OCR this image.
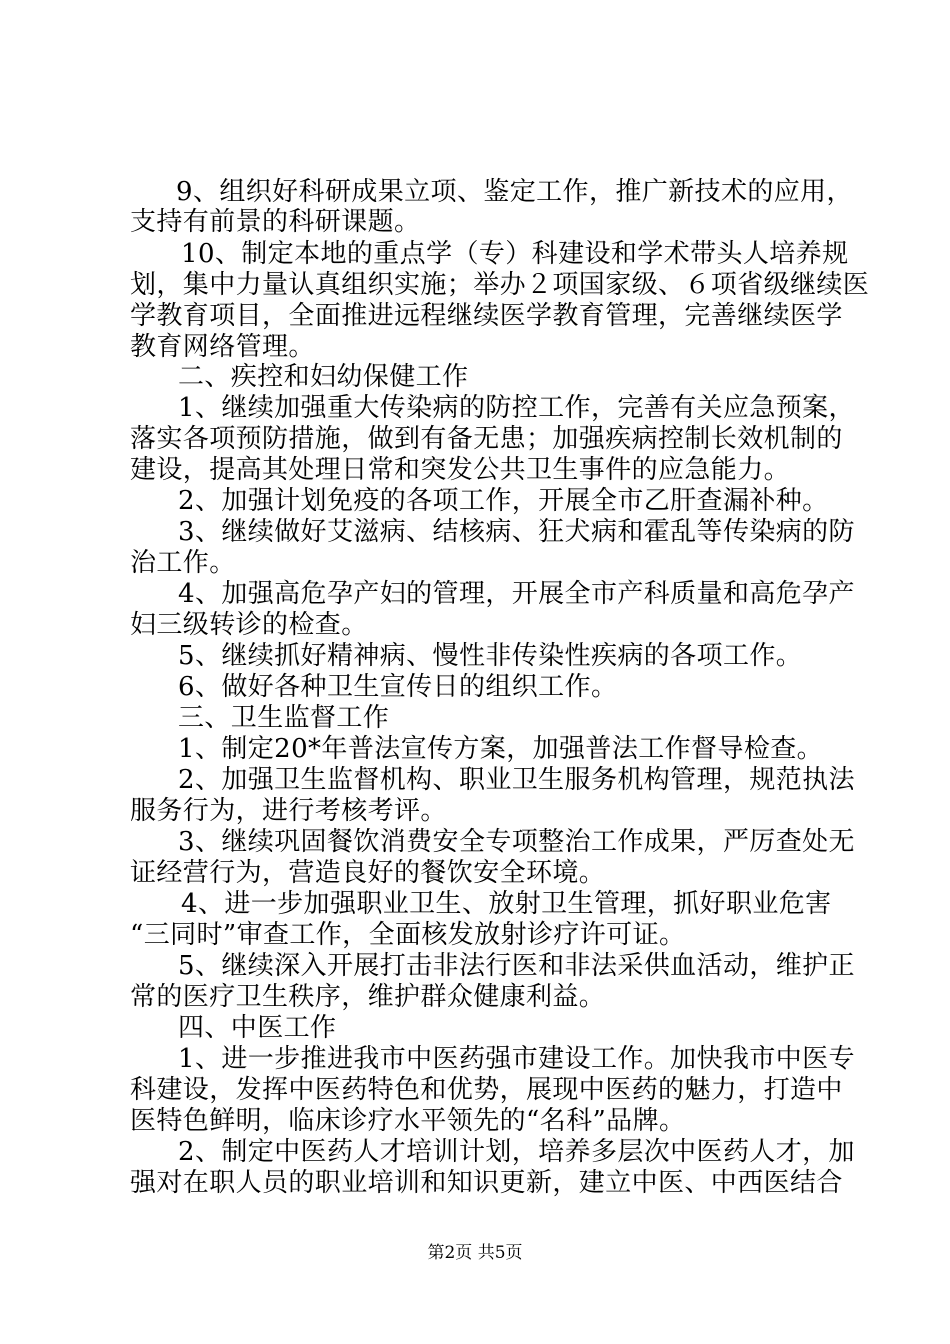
9、组织好科研成果立项、鉴定工作，推广新技术的应用，
支持有前景的科研课题。
10、制定本地的重点学（专）科建设和学术带头人培养规
划，集中力量认真组织实施；举办２项国家级、６项省级继续医
学教育项目，全面推进远程继续医学教育管理，完善继续医学
教育网络管理。
二、疾控和妇幼保健工作
1、继续加强重大传染病的防控工作，完善有关应急预案，
落实各项预防措施，做到有备无患；加强疾病控制长效机制的
建设，提高其处理日常和突发公共卫生事件的应急能力。
2、加强计划免疫的各项工作，开展全市乙肝查漏补种。
3、继续做好艾滋病、结核病、狂犬病和霍乱等传染病的防
治工作。
4、加强高危孕产妇的管理，开展全市产科质量和高危孕产
妇三级转诊的检查。
5、继续抓好精神病、慢性非传染性疾病的各项工作。
6、做好各种卫生宣传日的组织工作。
三、卫生监督工作
1、制定20*年普法宣传方案，加强普法工作督导检查。
2、加强卫生监督机构、职业卫生服务机构管理，规范执法
服务行为，进行考核考评。
3、继续巩固餐饮消费安全专项整治工作成果，严厉查处无
证经营行为，营造良好的餐饮安全环境。
4、进一步加强职业卫生、放射卫生管理，抓好职业危害
“三同时”审查工作，全面核发放射诊疗许可证。
5、继续深入开展打击非法行医和非法采供血活动，维护正
常的医疗卫生秩序，维护群众健康利益。
四、中医工作
1、进一步推进我市中医药强市建设工作。加快我市中医专
科建设，发挥中医药特色和优势，展现中医药的魅力，打造中
医特色鲜明，临床诊疗水平领先的“名科”品牌。
2、制定中医药人才培训计划，培养多层次中医药人才，加
强对在职人员的职业培训和知识更新，建立中医、中西医结合
第2页 共5页
